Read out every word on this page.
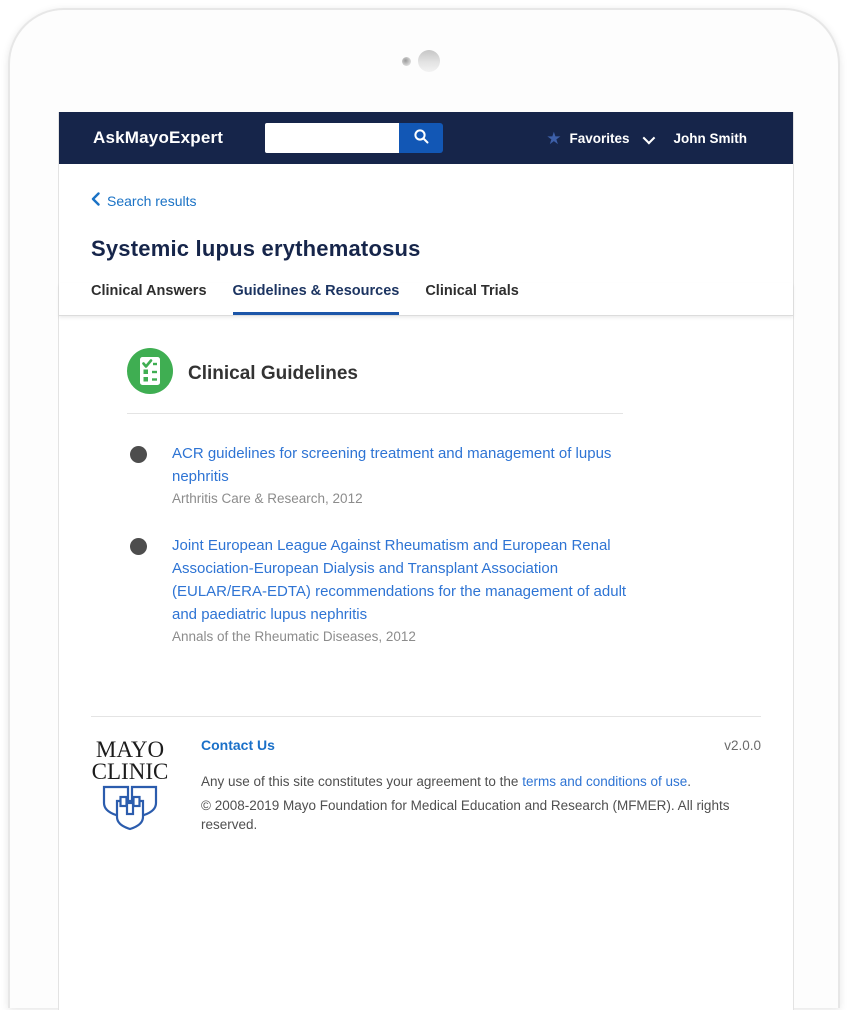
AskMayoExpert	★ Favorites	John Smith
Search results
Systemic lupus erythematosus
Clinical Answers Guidelines & Resources Clinical Trials
Clinical Guidelines
ACR guidelines for screening treatment and management of lupus nephritis
Arthritis Care & Research, 2012
Joint European League Against Rheumatism and European Renal Association-European Dialysis and Transplant Association (EULAR/ERA-EDTA) recommendations for the management of adult and paediatric lupus nephritis
Annals of the Rheumatic Diseases, 2012
MAYO
CLINIC
Contact Us	v2.0.0
Any use of this site constitutes your agreement to the terms and conditions of use.
© 2008-2019 Mayo Foundation for Medical Education and Research (MFMER). All rights reserved.
